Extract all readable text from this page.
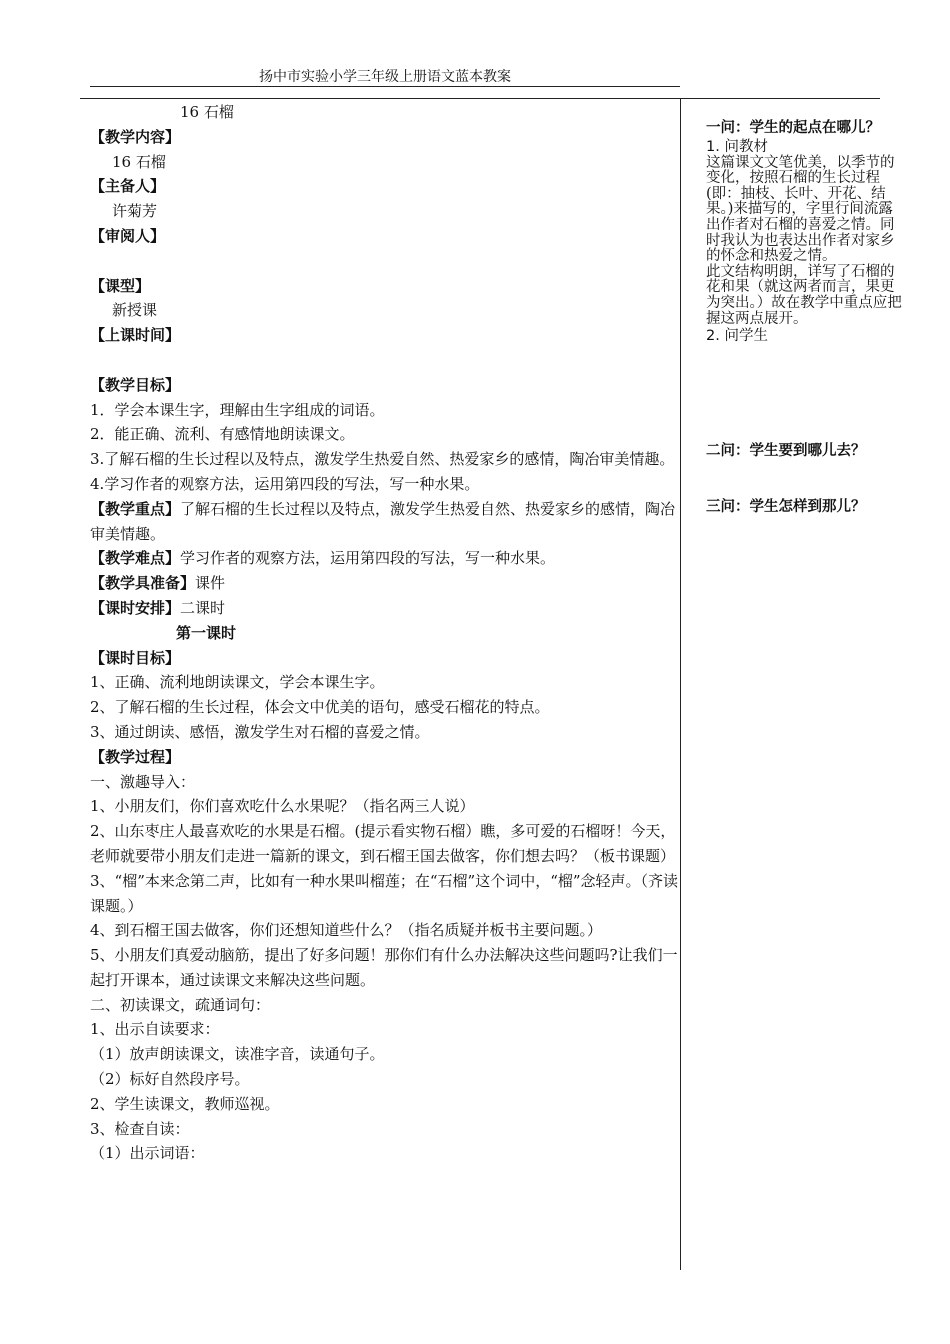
扬中市实验小学三年级上册语文蓝本教案
16 石榴
【教学内容】
16 石榴
【主备人】
许菊芳
【审阅人】
【课型】
新授课
【上课时间】
【教学目标】
1．学会本课生字，理解由生字组成的词语。
2．能正确、流利、有感情地朗读课文。
3.了解石榴的生长过程以及特点，激发学生热爱自然、热爱家乡的感情，陶冶审美情趣。
4.学习作者的观察方法，运用第四段的写法，写一种水果。
【教学重点】了解石榴的生长过程以及特点，激发学生热爱自然、热爱家乡的感情，陶冶审美情趣。
【教学难点】学习作者的观察方法，运用第四段的写法，写一种水果。
【教学具准备】课件
【课时安排】二课时
第一课时
【课时目标】
1、正确、流利地朗读课文，学会本课生字。
2、了解石榴的生长过程，体会文中优美的语句，感受石榴花的特点。
3、通过朗读、感悟，激发学生对石榴的喜爱之情。
【教学过程】
一、激趣导入：
1、小朋友们，你们喜欢吃什么水果呢？（指名两三人说）
2、山东枣庄人最喜欢吃的水果是石榴。(提示看实物石榴）瞧，多可爱的石榴呀！今天，老师就要带小朋友们走进一篇新的课文，到石榴王国去做客，你们想去吗？（板书课题）
3、“榴”本来念第二声，比如有一种水果叫榴莲；在“石榴”这个词中，“榴”念轻声。（齐读课题。）
4、到石榴王国去做客，你们还想知道些什么？（指名质疑并板书主要问题。）
5、小朋友们真爱动脑筋，提出了好多问题！那你们有什么办法解决这些问题吗?让我们一起打开课本，通过读课文来解决这些问题。
二、初读课文，疏通词句：
1、出示自读要求：
（1）放声朗读课文，读准字音，读通句子。
（2）标好自然段序号。
2、学生读课文，教师巡视。
3、检查自读：
（1）出示词语：
一问：学生的起点在哪儿？

1. 问教材

这篇课文文笔优美，以季节的变化，按照石榴的生长过程(即：抽枝、长叶、开花、结果。)来描写的，字里行间流露出作者对石榴的喜爱之情。同时我认为也表达出作者对家乡的怀念和热爱之情。

此文结构明朗，详写了石榴的花和果（就这两者而言，果更为突出。）故在教学中重点应把握这两点展开。

2. 问学生

二问：学生要到哪儿去？
三问：学生怎样到那儿？
